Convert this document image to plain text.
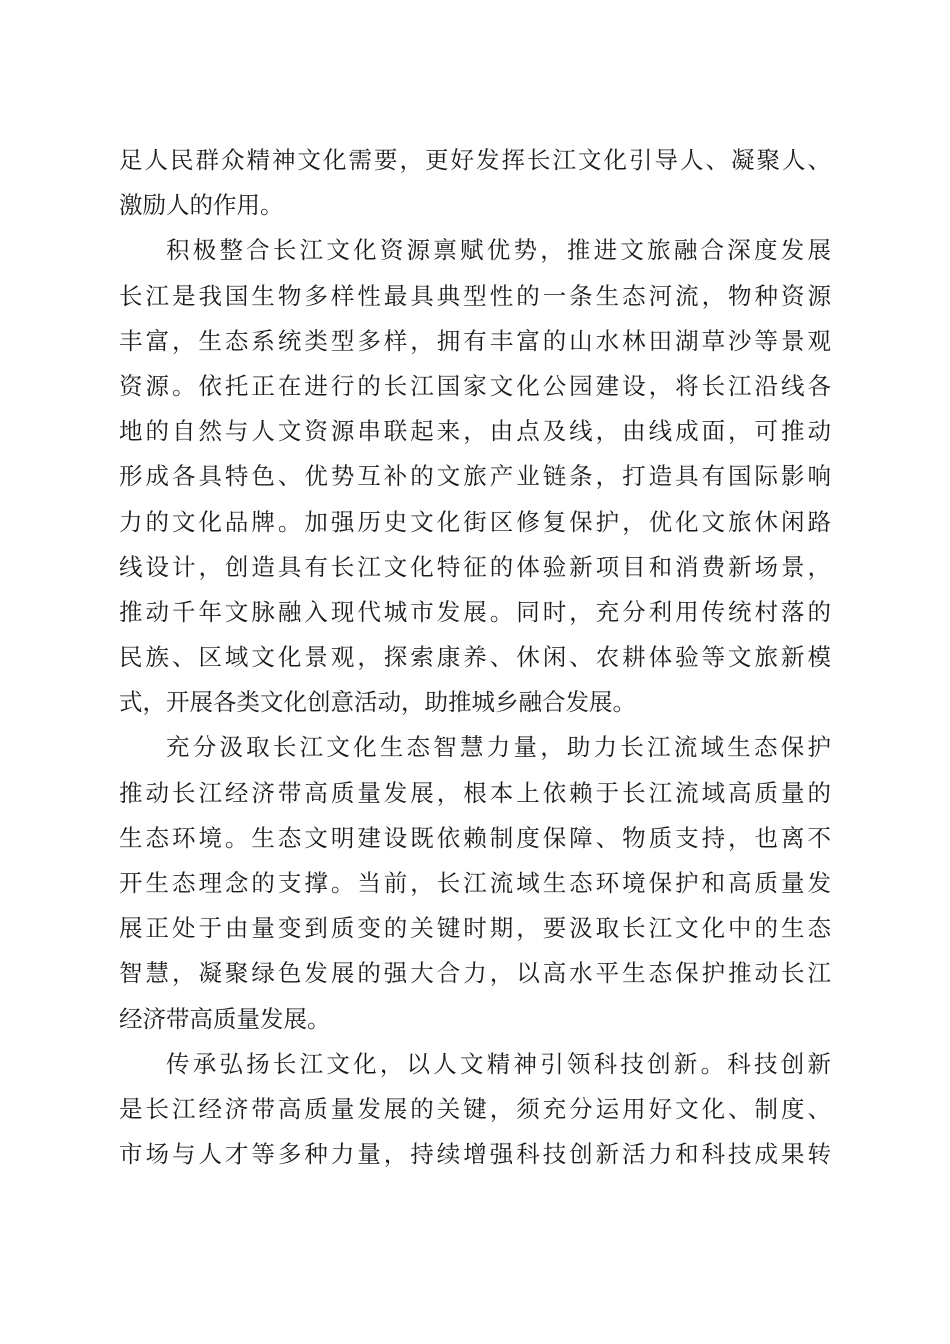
足人民群众精神文化需要，更好发挥长江文化引导人、凝聚人、
激励人的作用。
积极整合长江文化资源禀赋优势，推进文旅融合深度发展
长江是我国生物多样性最具典型性的一条生态河流，物种资源
丰富，生态系统类型多样，拥有丰富的山水林田湖草沙等景观
资源。依托正在进行的长江国家文化公园建设，将长江沿线各
地的自然与人文资源串联起来，由点及线，由线成面，可推动
形成各具特色、优势互补的文旅产业链条，打造具有国际影响
力的文化品牌。加强历史文化街区修复保护，优化文旅休闲路
线设计，创造具有长江文化特征的体验新项目和消费新场景，
推动千年文脉融入现代城市发展。同时，充分利用传统村落的
民族、区域文化景观，探索康养、休闲、农耕体验等文旅新模
式，开展各类文化创意活动，助推城乡融合发展。
充分汲取长江文化生态智慧力量，助力长江流域生态保护
推动长江经济带高质量发展，根本上依赖于长江流域高质量的
生态环境。生态文明建设既依赖制度保障、物质支持，也离不
开生态理念的支撑。当前，长江流域生态环境保护和高质量发
展正处于由量变到质变的关键时期，要汲取长江文化中的生态
智慧，凝聚绿色发展的强大合力，以高水平生态保护推动长江
经济带高质量发展。
传承弘扬长江文化，以人文精神引领科技创新。科技创新
是长江经济带高质量发展的关键，须充分运用好文化、制度、
市场与人才等多种力量，持续增强科技创新活力和科技成果转
